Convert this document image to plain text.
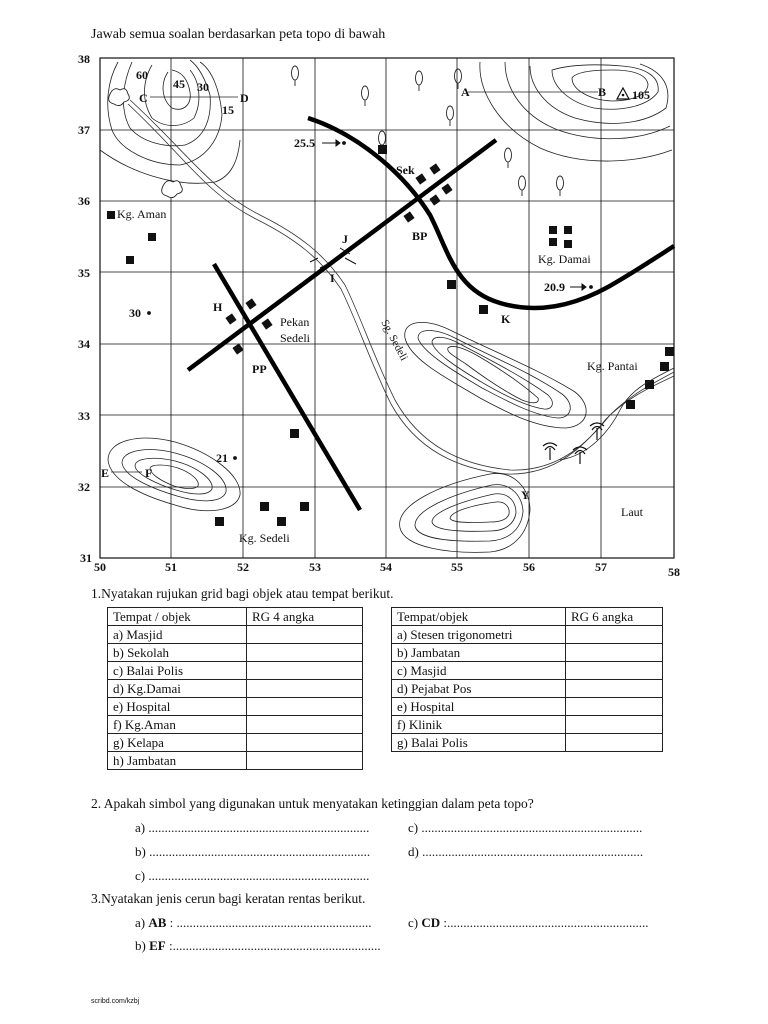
Jawab semua soalan berdasarkan peta topo di bawah
38
37
36
35
34
33
32
31
50	51	52	53	54	55	56	57	58
60
45 30
15
C	D	A	B 105
Sg. Sedeli
J
I
Kg. Aman
Kg. Damai
Pekan
Sedeli
Kg. Pantai
Laut
Kg. Sedeli
Sek
BP
H
PP
K
E	F
Y
25.5
20.9
30
21
1.Nyatakan rujukan grid bagi objek atau tempat berikut.
Tempat / objek	RG 4 angka
a) Masjid	
b) Sekolah	
c) Balai Polis	
d) Kg.Damai	
e) Hospital	
f) Kg.Aman	
g) Kelapa	
h) Jambatan	
Tempat/objek	RG 6 angka
a) Stesen trigonometri	
b) Jambatan	
c) Masjid	
d) Pejabat Pos	
e) Hospital	
f) Klinik	
g) Balai Polis	
2. Apakah simbol yang digunakan untuk menyatakan ketinggian dalam peta topo?
a) ....................................................................	c) ....................................................................
b) ....................................................................	d) ....................................................................
c) ....................................................................
3.Nyatakan jenis cerun bagi keratan rentas berikut.
a) AB : ............................................................	c) CD :..............................................................
b) EF :................................................................
scribd.com/kzbj
